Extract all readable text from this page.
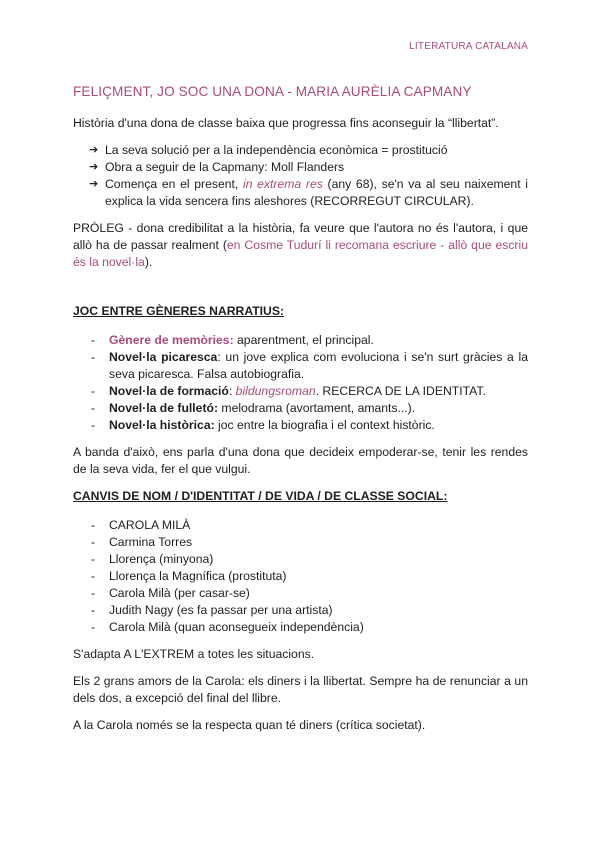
LITERATURA CATALANA
FELIÇMENT, JO SOC UNA DONA - MARIA AURÈLIA CAPMANY

Història d'una dona de classe baixa que progressa fins aconseguir la “llibertat”.

➔ La seva solució per a la independència econòmica = prostitució
➔ Obra a seguir de la Capmany: Moll Flanders
➔ Comença en el present, in extrema res (any 68), se'n va al seu naixement i explica la vida sencera fins aleshores (RECORREGUT CIRCULAR).

PRÒLEG - dona credibilitat a la història, fa veure que l'autora no és l'autora, i que allò ha de passar realment (en Cosme Tudurí li recomana escriure - allò que escriu és la novel·la).

JOC ENTRE GÈNERES NARRATIUS:
- Gènere de memòries: aparentment, el principal.
- Novel·la picaresca: un jove explica com evoluciona i se'n surt gràcies a la seva picaresca. Falsa autobiografia.
- Novel·la de formació: bildungsroman. RECERCA DE LA IDENTITAT.
- Novel·la de fulletó: melodrama (avortament, amants...).
- Novel·la històrica: joc entre la biografia i el context històric.

A banda d'això, ens parla d'una dona que decideix empoderar-se, tenir les rendes de la seva vida, fer el que vulgui.

CANVIS DE NOM / D'IDENTITAT / DE VIDA / DE CLASSE SOCIAL:
- CAROLA MILÀ
- Carmina Torres
- Llorença (minyona)
- Llorença la Magnífica (prostituta)
- Carola Milà (per casar-se)
- Judith Nagy (es fa passar per una artista)
- Carola Milà (quan aconsegueix independència)

S'adapta A L'EXTREM a totes les situacions.

Els 2 grans amors de la Carola: els diners i la llibertat. Sempre ha de renunciar a un dels dos, a excepció del final del llibre.

A la Carola només se la respecta quan té diners (crítica societat).
